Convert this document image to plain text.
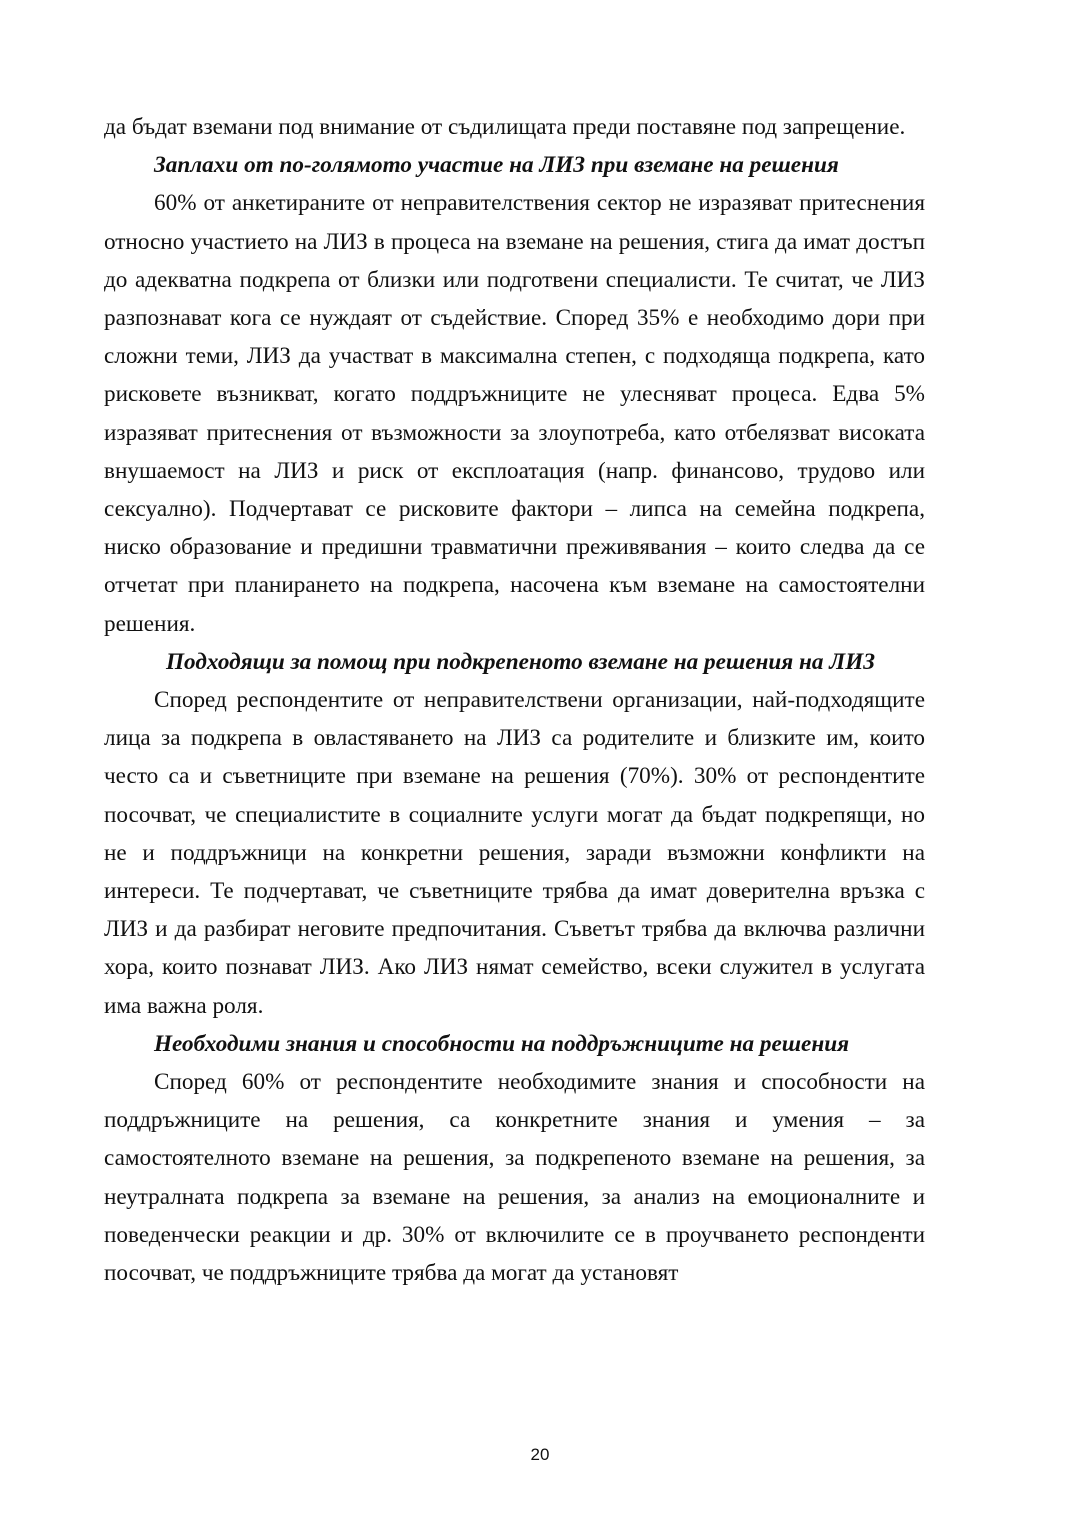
да бъдат вземани под внимание от съдилищата преди поставяне под запрещение.

Заплахи от по-голямото участие на ЛИЗ при вземане на решения

60% от анкетираните от неправителствения сектор не изразяват притеснения относно участието на ЛИЗ в процеса на вземане на решения, стига да имат достъп до адекватна подкрепа от близки или подготвени специалисти. Те считат, че ЛИЗ разпознават кога се нуждаят от съдействие. Според 35% е необходимо дори при сложни теми, ЛИЗ да участват в максимална степен, с подходяща подкрепа, като рисковете възникват, когато поддръжниците не улесняват процеса. Едва 5% изразяват притеснения от възможности за злоупотреба, като отбелязват високата внушаемост на ЛИЗ и риск от експлоатация (напр. финансово, трудово или сексуално). Подчертават се рисковите фактори – липса на семейна подкрепа, ниско образование и предишни травматични преживявания – които следва да се отчетат при планирането на подкрепа, насочена към вземане на самостоятелни решения.

Подходящи за помощ при подкрепеното вземане на решения на ЛИЗ

Според респондентите от неправителствени организации, най-подходящите лица за подкрепа в овластяването на ЛИЗ са родителите и близките им, които често са и съветниците при вземане на решения (70%). 30% от респондентите посочват, че специалистите в социалните услуги могат да бъдат подкрепящи, но не и поддръжници на конкретни решения, заради възможни конфликти на интереси. Те подчертават, че съветниците трябва да имат доверителна връзка с ЛИЗ и да разбират неговите предпочитания. Съветът трябва да включва различни хора, които познават ЛИЗ. Ако ЛИЗ нямат семейство, всеки служител в услугата има важна роля.

Необходими знания и способности на поддръжниците на решения

Според 60% от респондентите необходимите знания и способности на поддръжниците на решения, са конкретните знания и умения – за самостоятелното вземане на решения, за подкрепеното вземане на решения, за неутралната подкрепа за вземане на решения, за анализ на емоционалните и поведенчески реакции и др. 30% от включилите се в проучването респонденти посочват, че поддръжниците трябва да могат да установят

20
